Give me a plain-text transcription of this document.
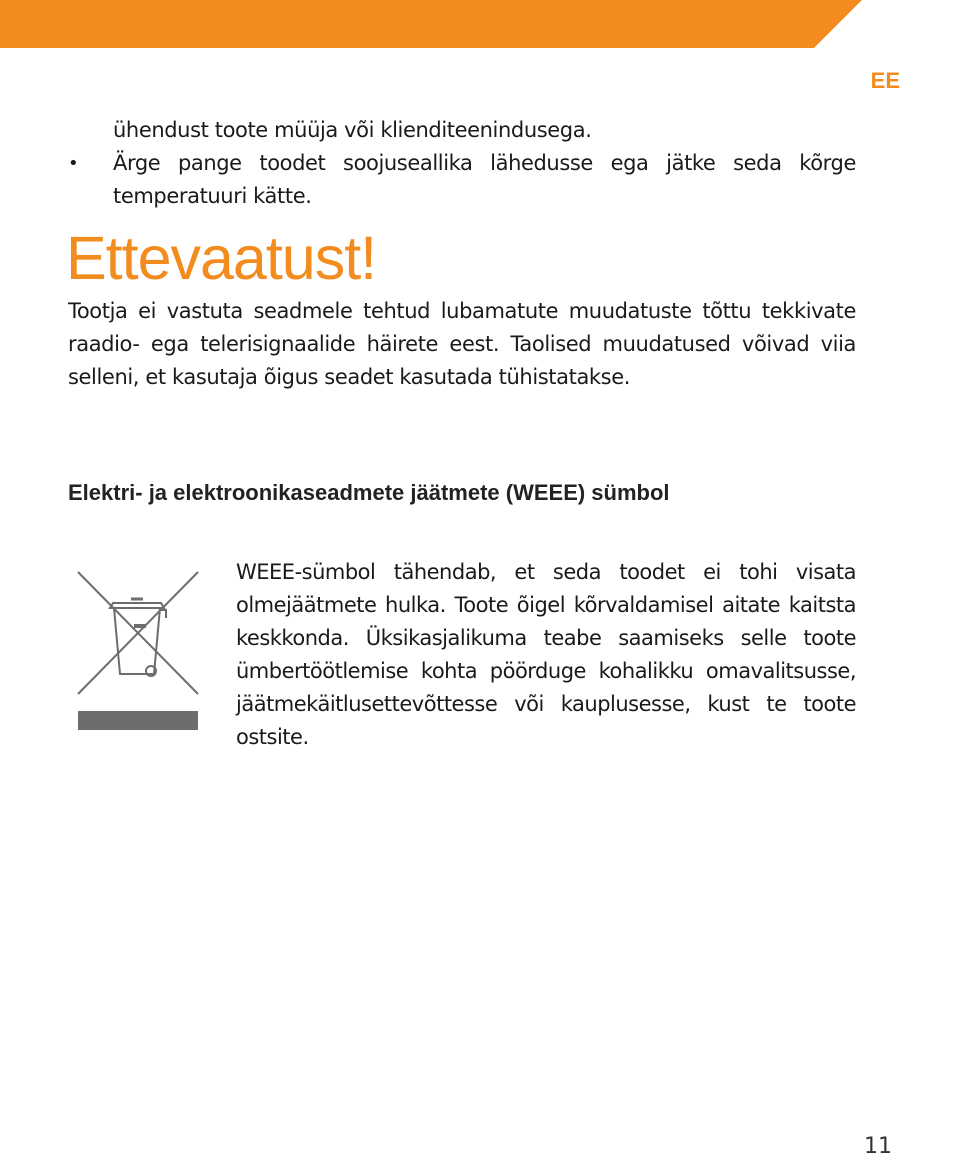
EE
ühendust toote müüja või klienditeenindusega.
• Ärge pange toodet soojuseallika lähedusse ega jätke seda kõrge temperatuuri kätte.
Ettevaatust!

Tootja ei vastuta seadmele tehtud lubamatute muudatuste tõttu tekkivate raadio- ega telerisignaalide häirete eest. Taolised muudatused võivad viia selleni, et kasutaja õigus seadet kasutada tühistatakse.

Elektri- ja elektroonikaseadmete jäätmete (WEEE) sümbol

WEEE-sümbol tähendab, et seda toodet ei tohi visata olmejäätmete hulka. Toote õigel kõrvaldamisel aitate kaitsta keskkonda. Üksikasjalikuma teabe saamiseks selle toote ümbertöötlemise kohta pöörduge kohalikku omavalitsusse, jäätmekäitlusettevõttesse või kauplusesse, kust te toote ostsite.

11
